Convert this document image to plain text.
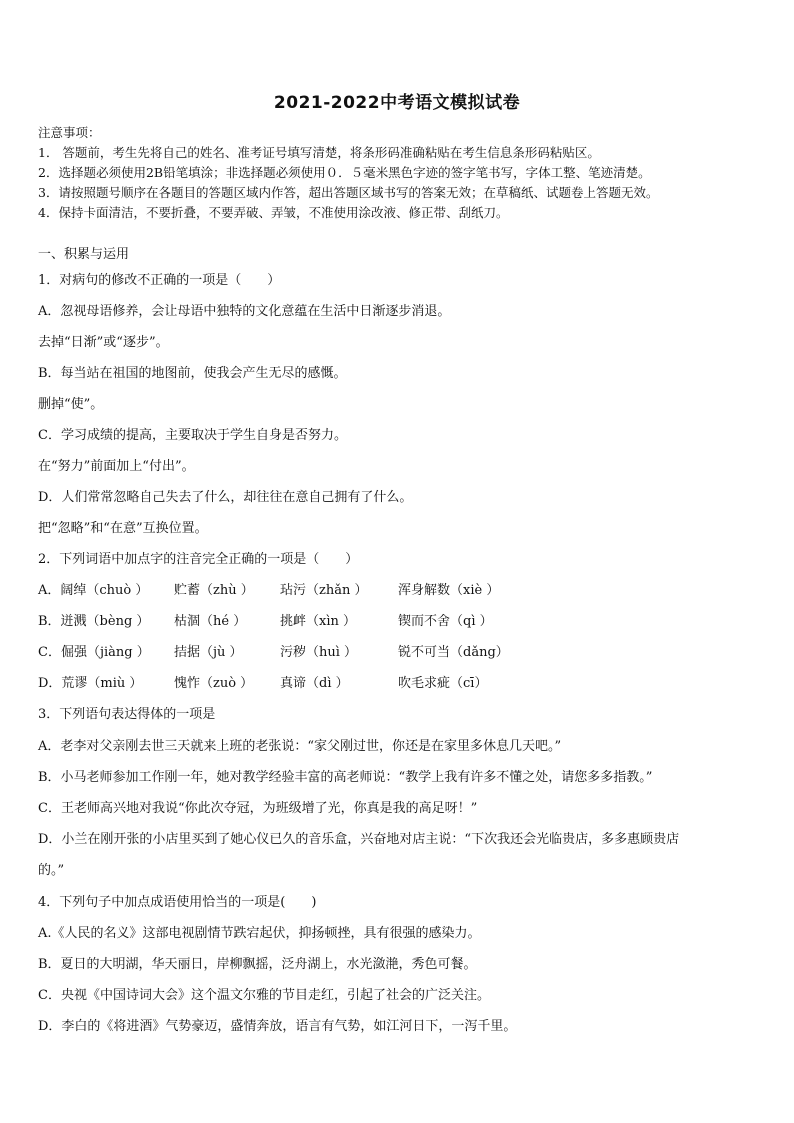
2021-2022中考语文模拟试卷
注意事项：
1． 答题前，考生先将自己的姓名、准考证号填写清楚，将条形码准确粘贴在考生信息条形码粘贴区。
2．选择题必须使用2B铅笔填涂；非选择题必须使用０．５毫米黑色字迹的签字笔书写，字体工整、笔迹清楚。
3．请按照题号顺序在各题目的答题区域内作答，超出答题区域书写的答案无效；在草稿纸、试题卷上答题无效。
4．保持卡面清洁，不要折叠，不要弄破、弄皱，不准使用涂改液、修正带、刮纸刀。
一、积累与运用
1．对病句的修改不正确的一项是（　　）
A．忽视母语修养，会让母语中独特的文化意蕴在生活中日渐逐步消退。
去掉“日渐”或“逐步”。
B．每当站在祖国的地图前，使我会产生无尽的感慨。
删掉“使”。
C．学习成绩的提高，主要取决于学生自身是否努力。
在“努力”前面加上“付出”。
D．人们常常忽略自己失去了什么，却往往在意自己拥有了什么。
把“忽略”和“在意”互换位置。
2．下列词语中加点字的注音完全正确的一项是（　　）
A．阔绰（chuò ） 贮蓄（zhù ） 玷污（zhǎn ） 浑身解数（xiè ）
B．迸溅（bèng ） 枯涸（hé ）	挑衅（xìn ）	锲而不舍（qì ）
C．倔强（jiàng ） 拮据（jù ）	污秽（huì ）	锐不可当（dǎng）
D．荒谬（miù ） 愧怍（zuò ） 真谛（dì ）	吹毛求疵（cī）
3．下列语句表达得体的一项是
A．老李对父亲刚去世三天就来上班的老张说：“家父刚过世，你还是在家里多休息几天吧。”
B．小马老师参加工作刚一年，她对教学经验丰富的高老师说：“教学上我有许多不懂之处，请您多多指教。”
C．王老师高兴地对我说“你此次夺冠，为班级增了光，你真是我的高足呀！”
D．小兰在刚开张的小店里买到了她心仪已久的音乐盒，兴奋地对店主说：“下次我还会光临贵店，多多惠顾贵店
的。”
4．下列句子中加点成语使用恰当的一项是(　　)
A.《人民的名义》这部电视剧情节跌宕起伏，抑扬顿挫，具有很强的感染力。
B．夏日的大明湖，华天丽日，岸柳飘摇，泛舟湖上，水光潋滟，秀色可餐。
C．央视《中国诗词大会》这个温文尔雅的节目走红，引起了社会的广泛关注。
D．李白的《将进酒》气势豪迈，盛情奔放，语言有气势，如江河日下，一泻千里。
